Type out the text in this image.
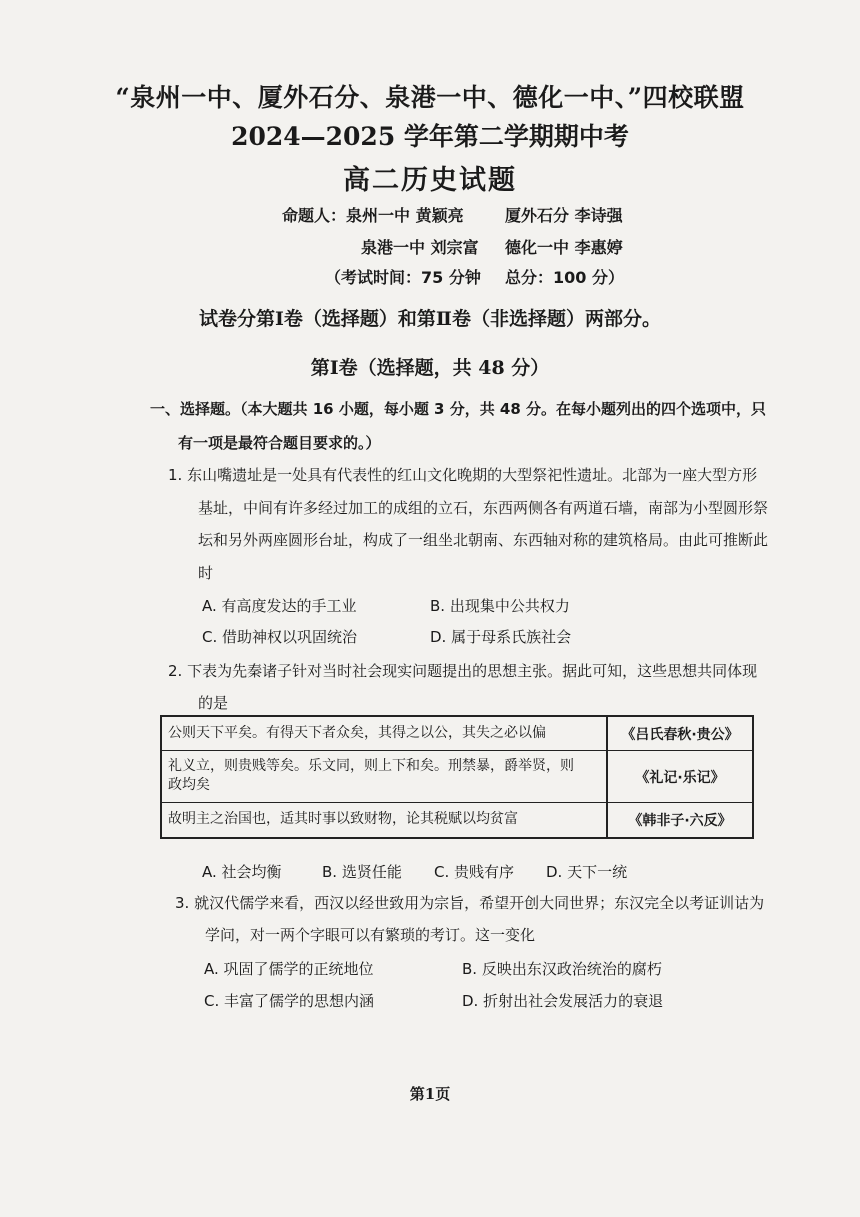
“泉州一中、厦外石分、泉港一中、德化一中、”四校联盟
2024—2025 学年第二学期期中考
高二历史试题
命题人：泉州一中 黄颖亮	厦外石分 李诗强
泉港一中 刘宗富 德化一中 李惠婷
（考试时间：75 分钟 总分：100 分）
试卷分第Ⅰ卷（选择题）和第Ⅱ卷（非选择题）两部分。
第Ⅰ卷（选择题，共 48 分）
一、选择题。（本大题共 16 小题，每小题 3 分，共 48 分。在每小题列出的四个选项中，只
有一项是最符合题目要求的。）
1. 东山嘴遗址是一处具有代表性的红山文化晚期的大型祭祀性遗址。北部为一座大型方形
基址，中间有许多经过加工的成组的立石，东西两侧各有两道石墙，南部为小型圆形祭
坛和另外两座圆形台址，构成了一组坐北朝南、东西轴对称的建筑格局。由此可推断此
时
A. 有高度发达的手工业	B. 出现集中公共权力
C. 借助神权以巩固统治	D. 属于母系氏族社会
2. 下表为先秦诸子针对当时社会现实问题提出的思想主张。据此可知，这些思想共同体现
的是
公则天下平矣。有得天下者众矣，其得之以公，其失之必以偏	《吕氏春秋·贵公》
礼义立，则贵贱等矣。乐文同，则上下和矣。刑禁暴，爵举贤，则
政均矣	《礼记·乐记》
故明主之治国也，适其时事以致财物，论其税赋以均贫富	《韩非子·六反》
A. 社会均衡	B. 选贤任能 C. 贵贱有序 D. 天下一统
3. 就汉代儒学来看，西汉以经世致用为宗旨，希望开创大同世界；东汉完全以考证训诂为
学问，对一两个字眼可以有繁琐的考订。这一变化
A. 巩固了儒学的正统地位	B. 反映出东汉政治统治的腐朽
C. 丰富了儒学的思想内涵	D. 折射出社会发展活力的衰退
第1页
